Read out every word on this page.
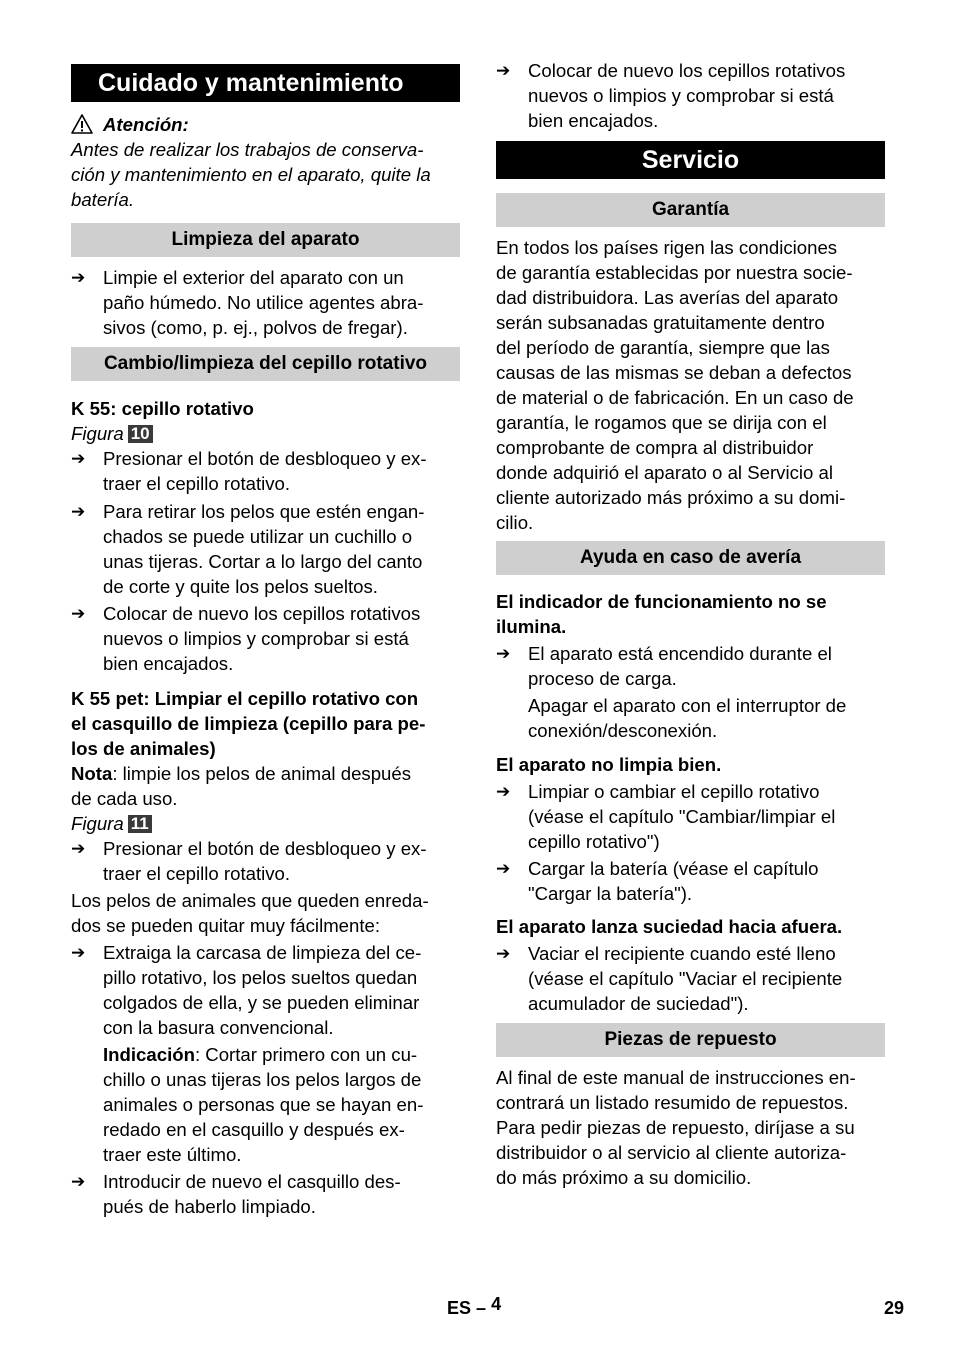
Cuidado y mantenimiento
Atención:
Antes de realizar los trabajos de conserva-
ción y mantenimiento en el aparato, quite la
batería.
Limpieza del aparato
➔ Limpie el exterior del aparato con un
paño húmedo. No utilice agentes abra-
sivos (como, p. ej., polvos de fregar).
Cambio/limpieza del cepillo rotativo
K 55: cepillo rotativo
Figura 10
➔ Presionar el botón de desbloqueo y ex-
traer el cepillo rotativo.
➔ Para retirar los pelos que estén engan-
chados se puede utilizar un cuchillo o
unas tijeras. Cortar a lo largo del canto
de corte y quite los pelos sueltos.
➔ Colocar de nuevo los cepillos rotativos
nuevos o limpios y comprobar si está
bien encajados.
K 55 pet: Limpiar el cepillo rotativo con
el casquillo de limpieza (cepillo para pe-
los de animales)
Nota: limpie los pelos de animal después
de cada uso.
Figura 11
➔ Presionar el botón de desbloqueo y ex-
traer el cepillo rotativo.
Los pelos de animales que queden enreda-
dos se pueden quitar muy fácilmente:
➔ Extraiga la carcasa de limpieza del ce-
pillo rotativo, los pelos sueltos quedan
colgados de ella, y se pueden eliminar
con la basura convencional.
Indicación: Cortar primero con un cu-
chillo o unas tijeras los pelos largos de
animales o personas que se hayan en-
redado en el casquillo y después ex-
traer este último.
➔ Introducir de nuevo el casquillo des-
pués de haberlo limpiado.
➔ Colocar de nuevo los cepillos rotativos
nuevos o limpios y comprobar si está
bien encajados.
Servicio
Garantía
En todos los países rigen las condiciones
de garantía establecidas por nuestra socie-
dad distribuidora. Las averías del aparato
serán subsanadas gratuitamente dentro
del período de garantía, siempre que las
causas de las mismas se deban a defectos
de material o de fabricación. En un caso de
garantía, le rogamos que se dirija con el
comprobante de compra al distribuidor
donde adquirió el aparato o al Servicio al
cliente autorizado más próximo a su domi-
cilio.
Ayuda en caso de avería
El indicador de funcionamiento no se
ilumina.
➔ El aparato está encendido durante el
proceso de carga.
Apagar el aparato con el interruptor de
conexión/desconexión.
El aparato no limpia bien.
➔ Limpiar o cambiar el cepillo rotativo
(véase el capítulo "Cambiar/limpiar el
cepillo rotativo")
➔ Cargar la batería (véase el capítulo
"Cargar la batería").
El aparato lanza suciedad hacia afuera.
➔ Vaciar el recipiente cuando esté lleno
(véase el capítulo "Vaciar el recipiente
acumulador de suciedad").
Piezas de repuesto
Al final de este manual de instrucciones en-
contrará un listado resumido de repuestos.
Para pedir piezas de repuesto, diríjase a su
distribuidor o al servicio al cliente autoriza-
do más próximo a su domicilio.
ES – 4	29
